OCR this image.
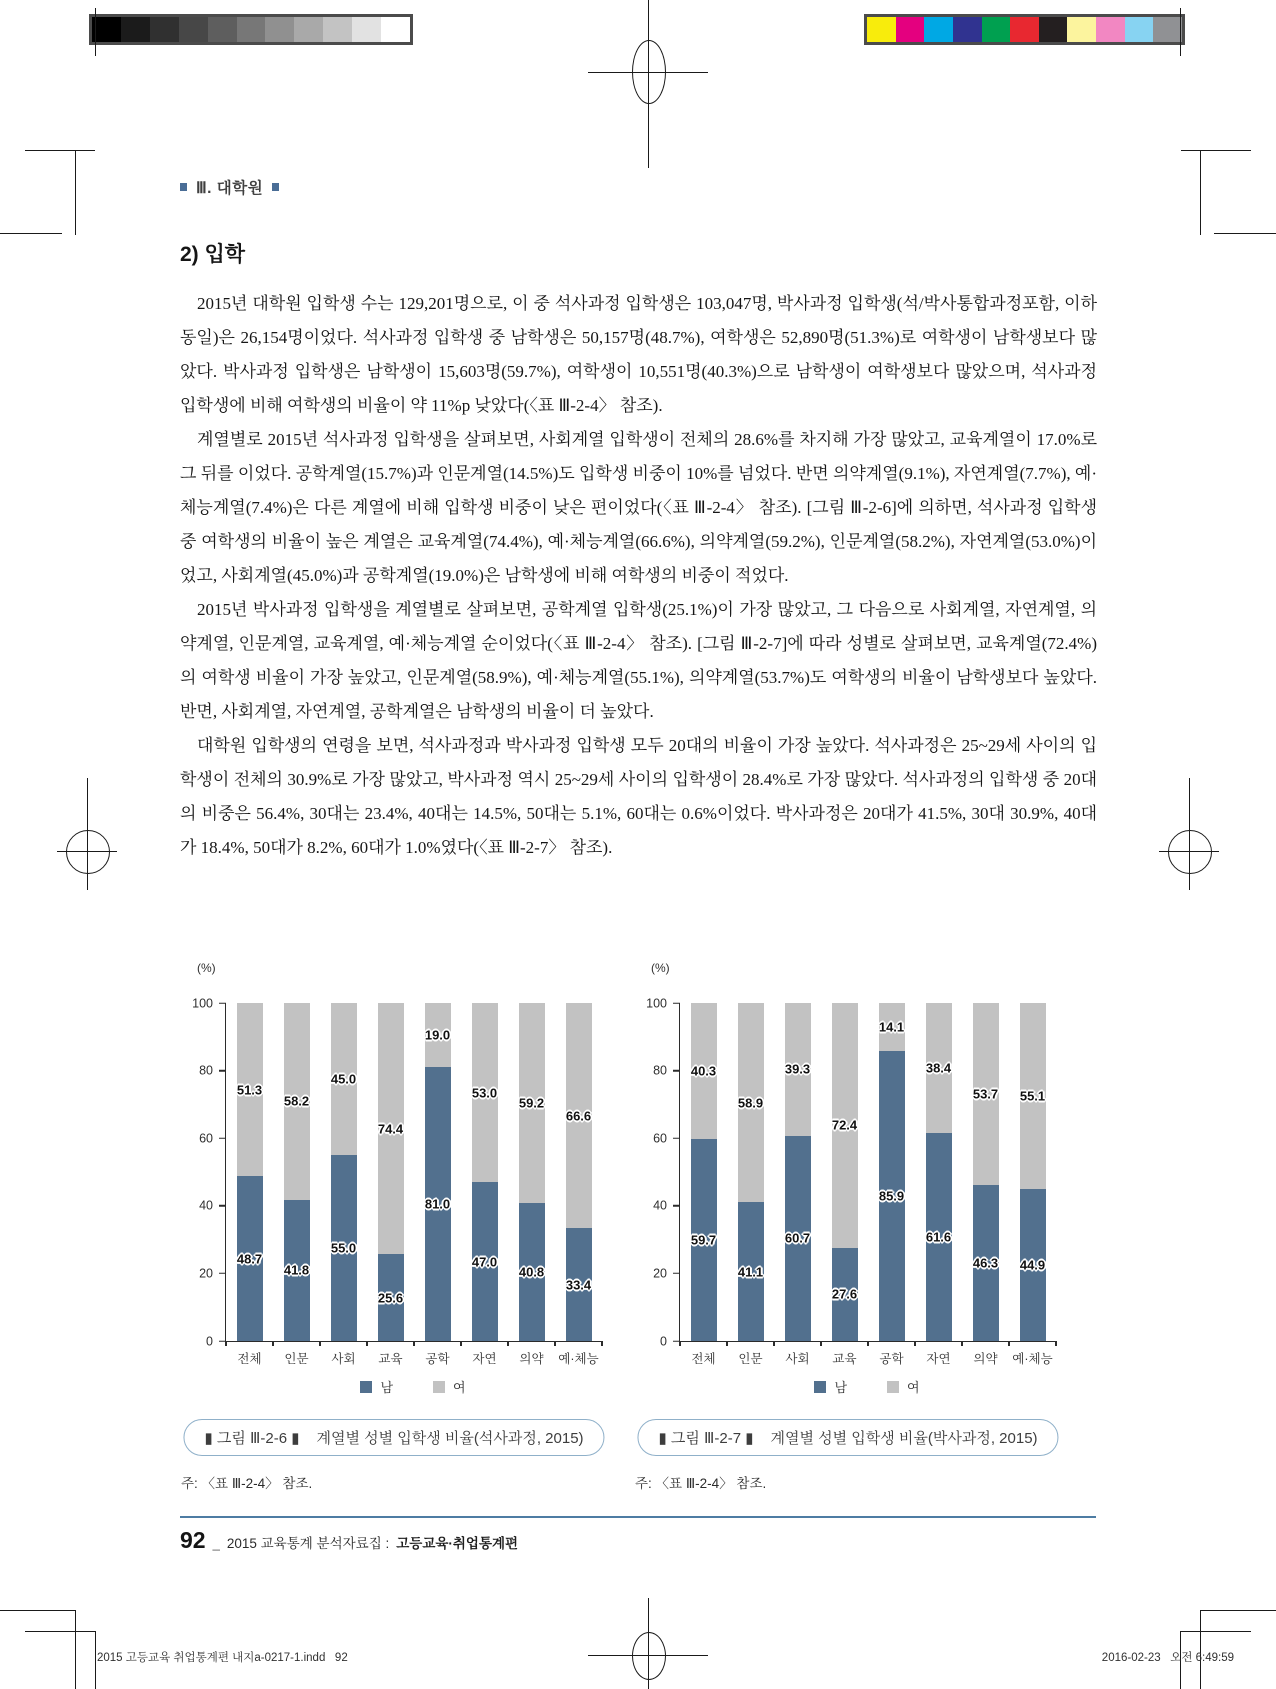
Ⅲ. 대학원
2) 입학

2015년 대학원 입학생 수는 129,201명으로, 이 중 석사과정 입학생은 103,047명, 박사과정 입학생(석/박사통합과정포함, 이하 동일)은 26,154명이었다. 석사과정 입학생 중 남학생은 50,157명(48.7%), 여학생은 52,890명(51.3%)로 여학생이 남학생보다 많았다. 박사과정 입학생은 남학생이 15,603명(59.7%), 여학생이 10,551명(40.3%)으로 남학생이 여학생보다 많았으며, 석사과정 입학생에 비해 여학생의 비율이 약 11%p 낮았다(〈표 Ⅲ-2-4〉 참조).

계열별로 2015년 석사과정 입학생을 살펴보면, 사회계열 입학생이 전체의 28.6%를 차지해 가장 많았고, 교육계열이 17.0%로 그 뒤를 이었다. 공학계열(15.7%)과 인문계열(14.5%)도 입학생 비중이 10%를 넘었다. 반면 의약계열(9.1%), 자연계열(7.7%), 예·체능계열(7.4%)은 다른 계열에 비해 입학생 비중이 낮은 편이었다(〈표 Ⅲ-2-4〉 참조). [그림 Ⅲ-2-6]에 의하면, 석사과정 입학생 중 여학생의 비율이 높은 계열은 교육계열(74.4%), 예·체능계열(66.6%), 의약계열(59.2%), 인문계열(58.2%), 자연계열(53.0%)이었고, 사회계열(45.0%)과 공학계열(19.0%)은 남학생에 비해 여학생의 비중이 적었다.

2015년 박사과정 입학생을 계열별로 살펴보면, 공학계열 입학생(25.1%)이 가장 많았고, 그 다음으로 사회계열, 자연계열, 의약계열, 인문계열, 교육계열, 예·체능계열 순이었다(〈표 Ⅲ-2-4〉 참조). [그림 Ⅲ-2-7]에 따라 성별로 살펴보면, 교육계열(72.4%)의 여학생 비율이 가장 높았고, 인문계열(58.9%), 예·체능계열(55.1%), 의약계열(53.7%)도 여학생의 비율이 남학생보다 높았다. 반면, 사회계열, 자연계열, 공학계열은 남학생의 비율이 더 높았다.

대학원 입학생의 연령을 보면, 석사과정과 박사과정 입학생 모두 20대의 비율이 가장 높았다. 석사과정은 25~29세 사이의 입학생이 전체의 30.9%로 가장 많았고, 박사과정 역시 25~29세 사이의 입학생이 28.4%로 가장 많았다. 석사과정의 입학생 중 20대의 비중은 56.4%, 30대는 23.4%, 40대는 14.5%, 50대는 5.1%, 60대는 0.6%이었다. 박사과정은 20대가 41.5%, 30대 30.9%, 40대가 18.4%, 50대가 8.2%, 60대가 1.0%였다(〈표 Ⅲ-2-7〉 참조).

(%)
0
20
40
60
80
100
48.7
51.3
전체
41.8
58.2
인문
55.0
45.0
사회
25.6
74.4
교육
81.0
19.0
공학
47.0
53.0
자연
40.8
59.2
의약
33.4
66.6
예·체능
남	여
▮ 그림 Ⅲ-2-6 ▮ 계열별 성별 입학생 비율(석사과정, 2015)
주: 〈표 Ⅲ-2-4〉 참조.
(%)
0
20
40
60
80
100
59.7
40.3
전체
41.1
58.9
인문
60.7
39.3
사회
27.6
72.4
교육
85.9
14.1
공학
61.6
38.4
자연
46.3
53.7
의약
44.9
55.1
예·체능
남	여
▮ 그림 Ⅲ-2-7 ▮ 계열별 성별 입학생 비율(박사과정, 2015)
주: 〈표 Ⅲ-2-4〉 참조.
92 _ 2015 교육통계 분석자료집 : 고등교육·취업통계편
2015 고등교육 취업통계편 내지a-0217-1.indd   92	2016-02-23   오전 6:49:59
